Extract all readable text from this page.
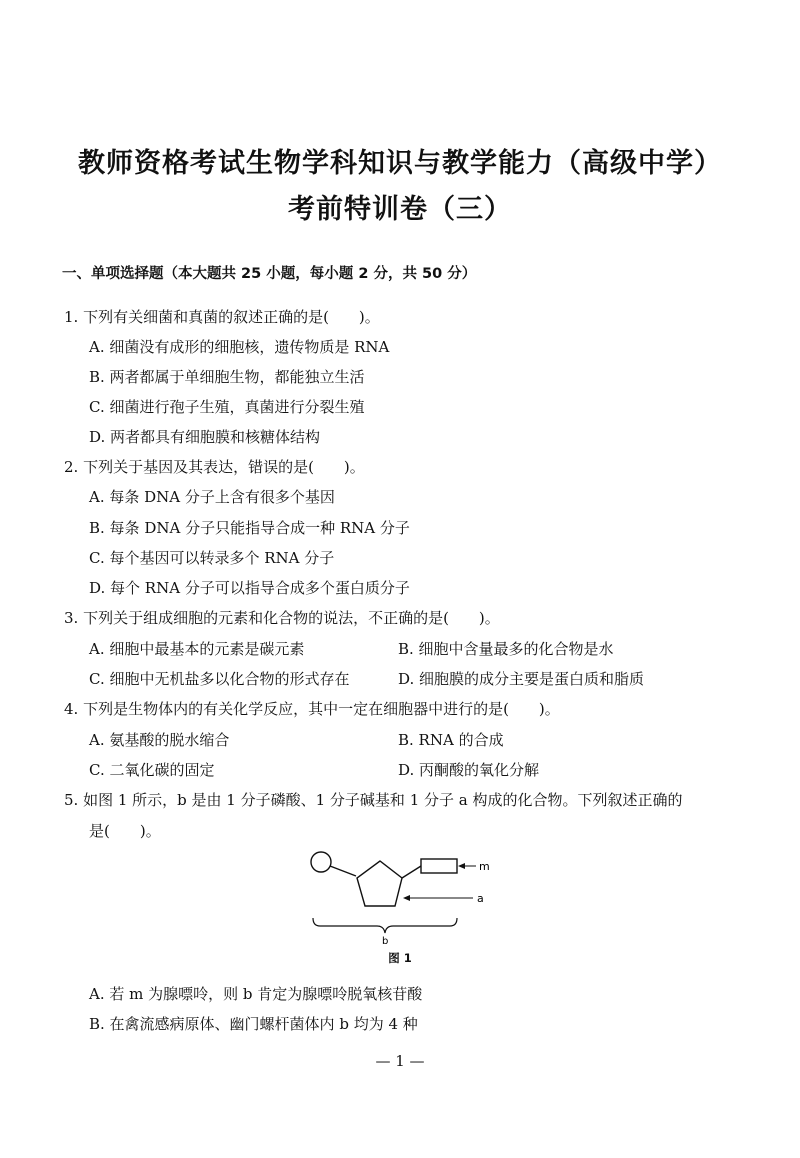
教师资格考试生物学科知识与教学能力（高级中学）
考前特训卷（三）
一、单项选择题（本大题共 25 小题，每小题 2 分，共 50 分）
1. 下列有关细菌和真菌的叙述正确的是(　　)。
A. 细菌没有成形的细胞核，遗传物质是 RNA
B. 两者都属于单细胞生物，都能独立生活
C. 细菌进行孢子生殖，真菌进行分裂生殖
D. 两者都具有细胞膜和核糖体结构
2. 下列关于基因及其表达，错误的是(　　)。
A. 每条 DNA 分子上含有很多个基因
B. 每条 DNA 分子只能指导合成一种 RNA 分子
C. 每个基因可以转录多个 RNA 分子
D. 每个 RNA 分子可以指导合成多个蛋白质分子
3. 下列关于组成细胞的元素和化合物的说法，不正确的是(　　)。
A. 细胞中最基本的元素是碳元素	B. 细胞中含量最多的化合物是水
C. 细胞中无机盐多以化合物的形式存在	D. 细胞膜的成分主要是蛋白质和脂质
4. 下列是生物体内的有关化学反应，其中一定在细胞器中进行的是(　　)。
A. 氨基酸的脱水缩合	B. RNA 的合成
C. 二氧化碳的固定	D. 丙酮酸的氧化分解
5. 如图 1 所示，b 是由 1 分子磷酸、1 分子碱基和 1 分子 a 构成的化合物。下列叙述正确的
是(　　)。
m
a
b
图 1
A. 若 m 为腺嘌呤，则 b 肯定为腺嘌呤脱氧核苷酸
B. 在禽流感病原体、幽门螺杆菌体内 b 均为 4 种
— 1 —
